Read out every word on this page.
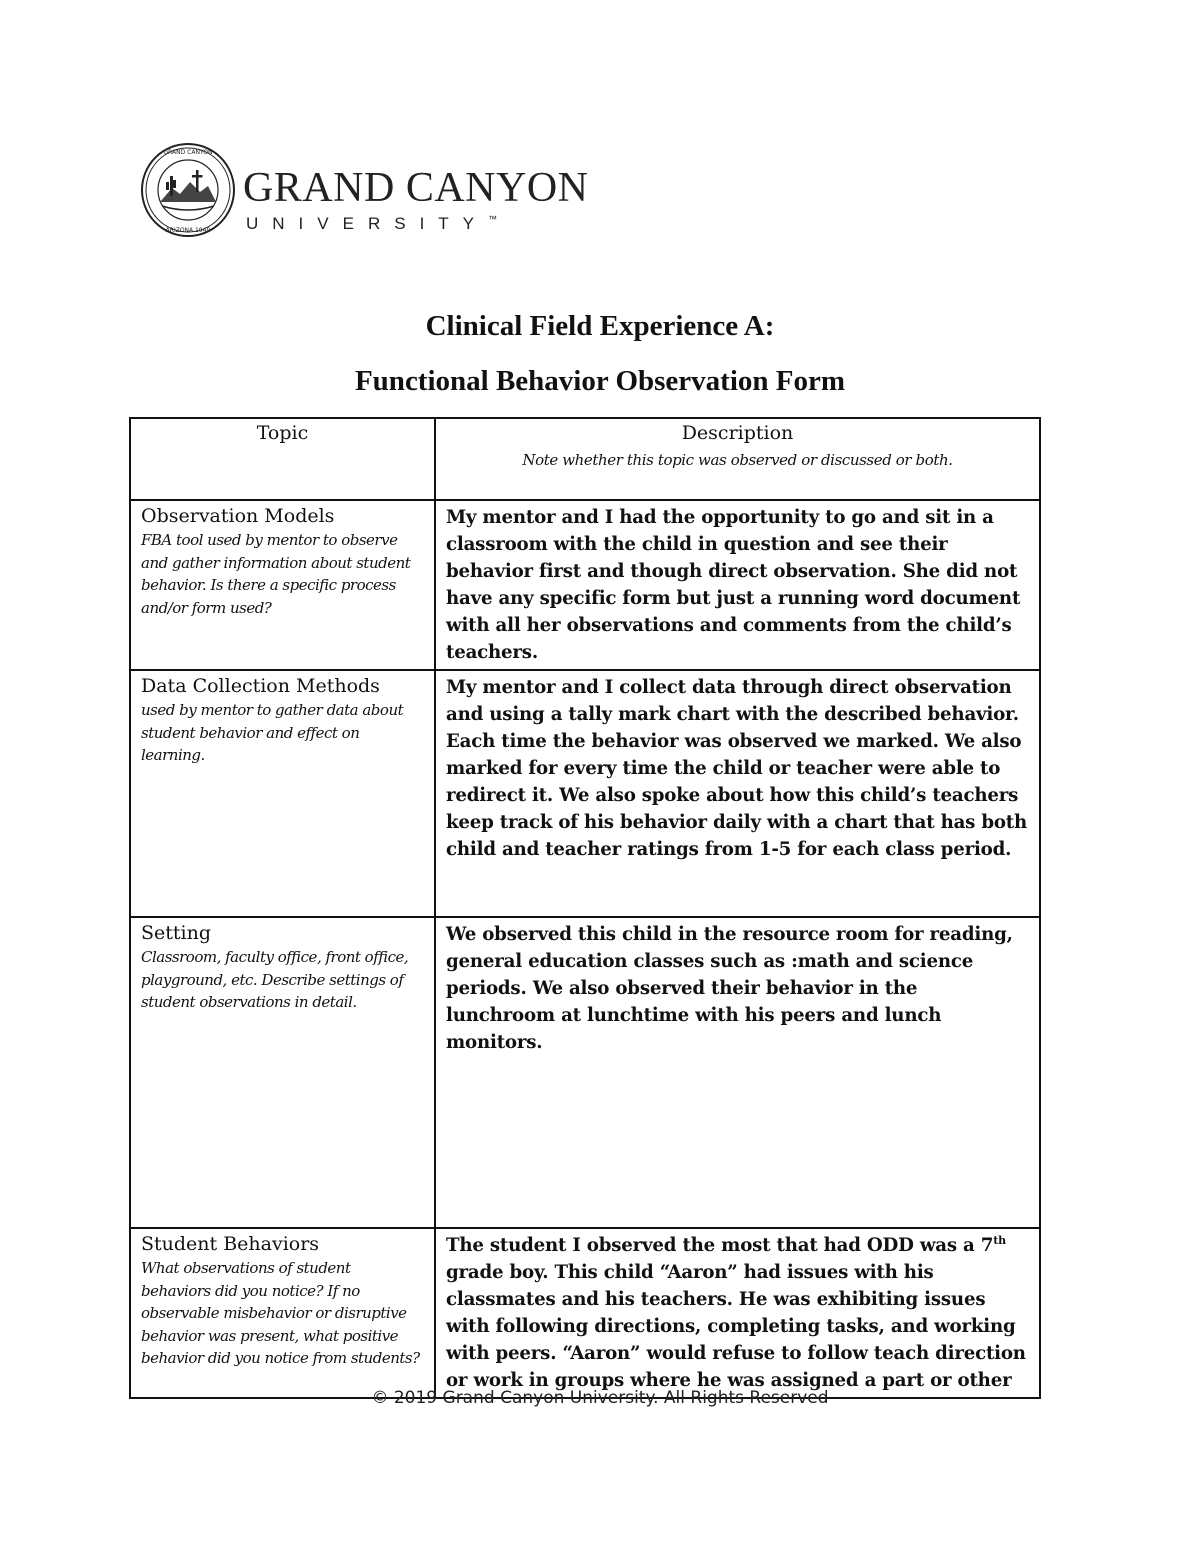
GRAND CANYON
ARIZONA 1949
GRAND CANYON
UNIVERSITY™
Clinical Field Experience A:
Functional Behavior Observation Form
Topic	Description
Note whether this topic was observed or discussed or both.

Observation Models
FBA tool used by mentor to observe and gather information about student behavior. Is there a specific process and/or form used?	My mentor and I had the opportunity to go and sit in a classroom with the child in question and see their behavior first and though direct observation. She did not have any specific form but just a running word document with all her observations and comments from the child’s teachers.

Data Collection Methods
used by mentor to gather data about student behavior and effect on learning.	My mentor and I collect data through direct observation and using a tally mark chart with the described behavior. Each time the behavior was observed we marked. We also marked for every time the child or teacher were able to redirect it. We also spoke about how this child’s teachers keep track of his behavior daily with a chart that has both child and teacher ratings from 1-5 for each class period.

Setting
Classroom, faculty office, front office, playground, etc. Describe settings of student observations in detail.	We observed this child in the resource room for reading, general education classes such as :math and science periods. We also observed their behavior in the lunchroom at lunchtime with his peers and lunch monitors.

Student Behaviors
What observations of student behaviors did you notice? If no observable misbehavior or disruptive behavior was present, what positive behavior did you notice from students?	The student I observed the most that had ODD was a 7th grade boy. This child “Aaron” had issues with his classmates and his teachers. He was exhibiting issues with following directions, completing tasks, and working with peers. “Aaron” would refuse to follow teach direction or work in groups where he was assigned a part or other
© 2019 Grand Canyon University. All Rights Reserved
